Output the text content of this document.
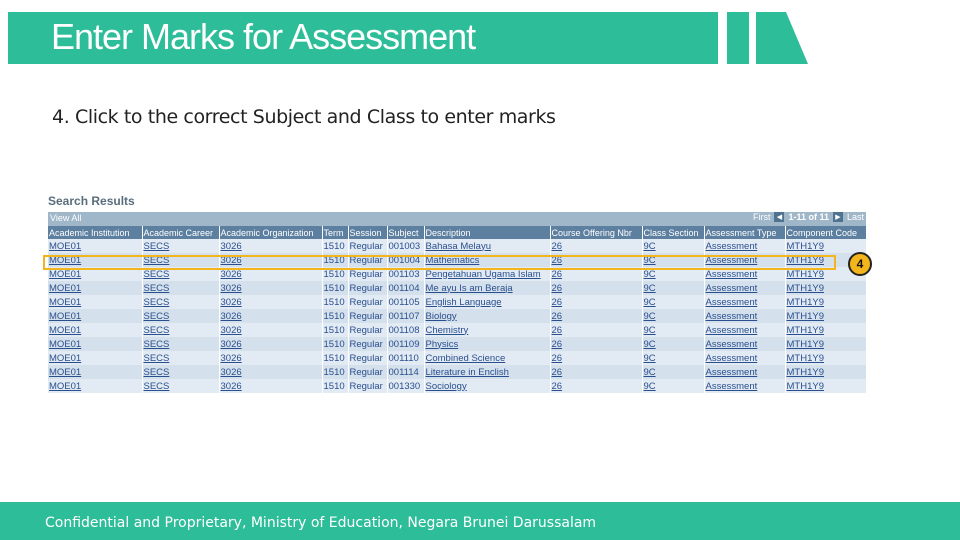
Enter Marks for Assessment
4. Click to the correct Subject and Class to enter marks
Search Results
View All	First ◀ 1-11 of 11 ▶ Last
Academic Institution	Academic Career	Academic Organization	Term	Session	Subject	Description	Course Offering Nbr	Class Section	Assessment Type	Component Code
MOE01	SECS	3026	1510	Regular	001003	Bahasa Melayu	26	9C	Assessment	MTH1Y9
MOE01	SECS	3026	1510	Regular	001004	Mathematics	26	9C	Assessment	MTH1Y9
MOE01	SECS	3026	1510	Regular	001103	Pengetahuan Ugama Islam	26	9C	Assessment	MTH1Y9
MOE01	SECS	3026	1510	Regular	001104	Me ayu Is am Beraja	26	9C	Assessment	MTH1Y9
MOE01	SECS	3026	1510	Regular	001105	English Language	26	9C	Assessment	MTH1Y9
MOE01	SECS	3026	1510	Regular	001107	Biology	26	9C	Assessment	MTH1Y9
MOE01	SECS	3026	1510	Regular	001108	Chemistry	26	9C	Assessment	MTH1Y9
MOE01	SECS	3026	1510	Regular	001109	Physics	26	9C	Assessment	MTH1Y9
MOE01	SECS	3026	1510	Regular	001110	Combined Science	26	9C	Assessment	MTH1Y9
MOE01	SECS	3026	1510	Regular	001114	Literature in Enclish	26	9C	Assessment	MTH1Y9
MOE01	SECS	3026	1510	Regular	001330	Sociology	26	9C	Assessment	MTH1Y9
4
Confidential and Proprietary, Ministry of Education, Negara Brunei Darussalam
